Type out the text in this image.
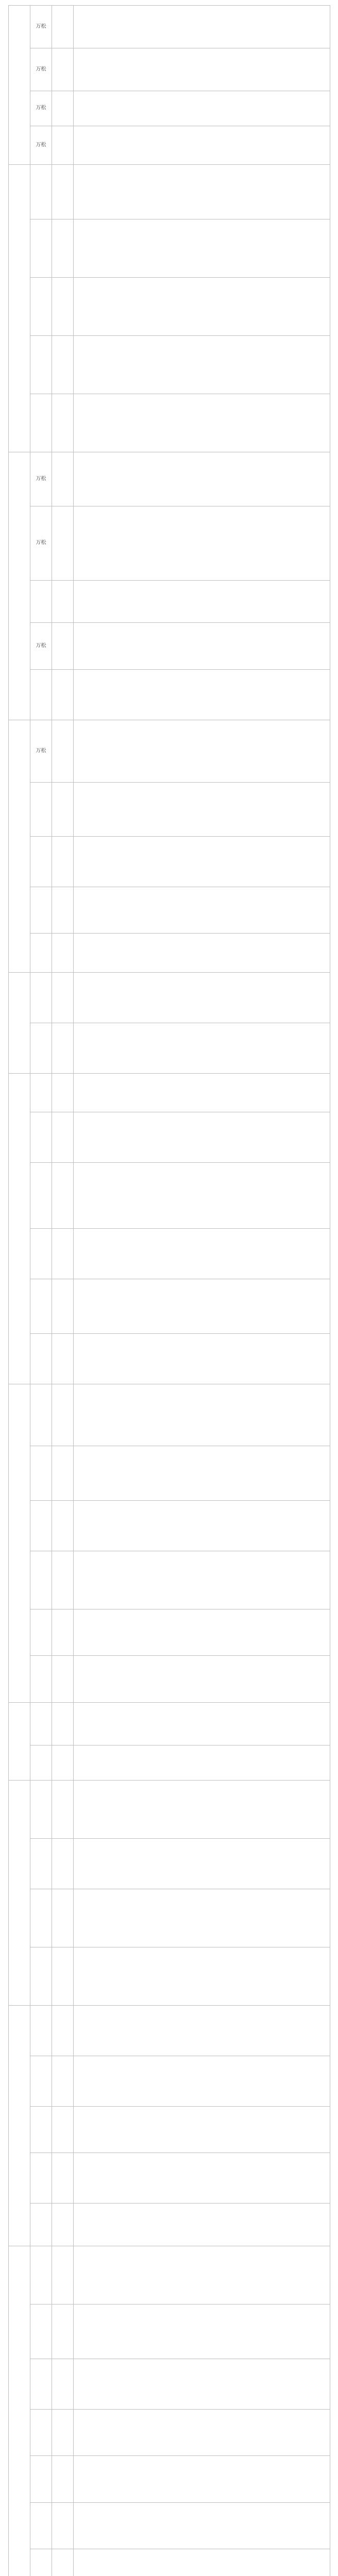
万松
万松
万松
万松
万松
万松
万松
万松
